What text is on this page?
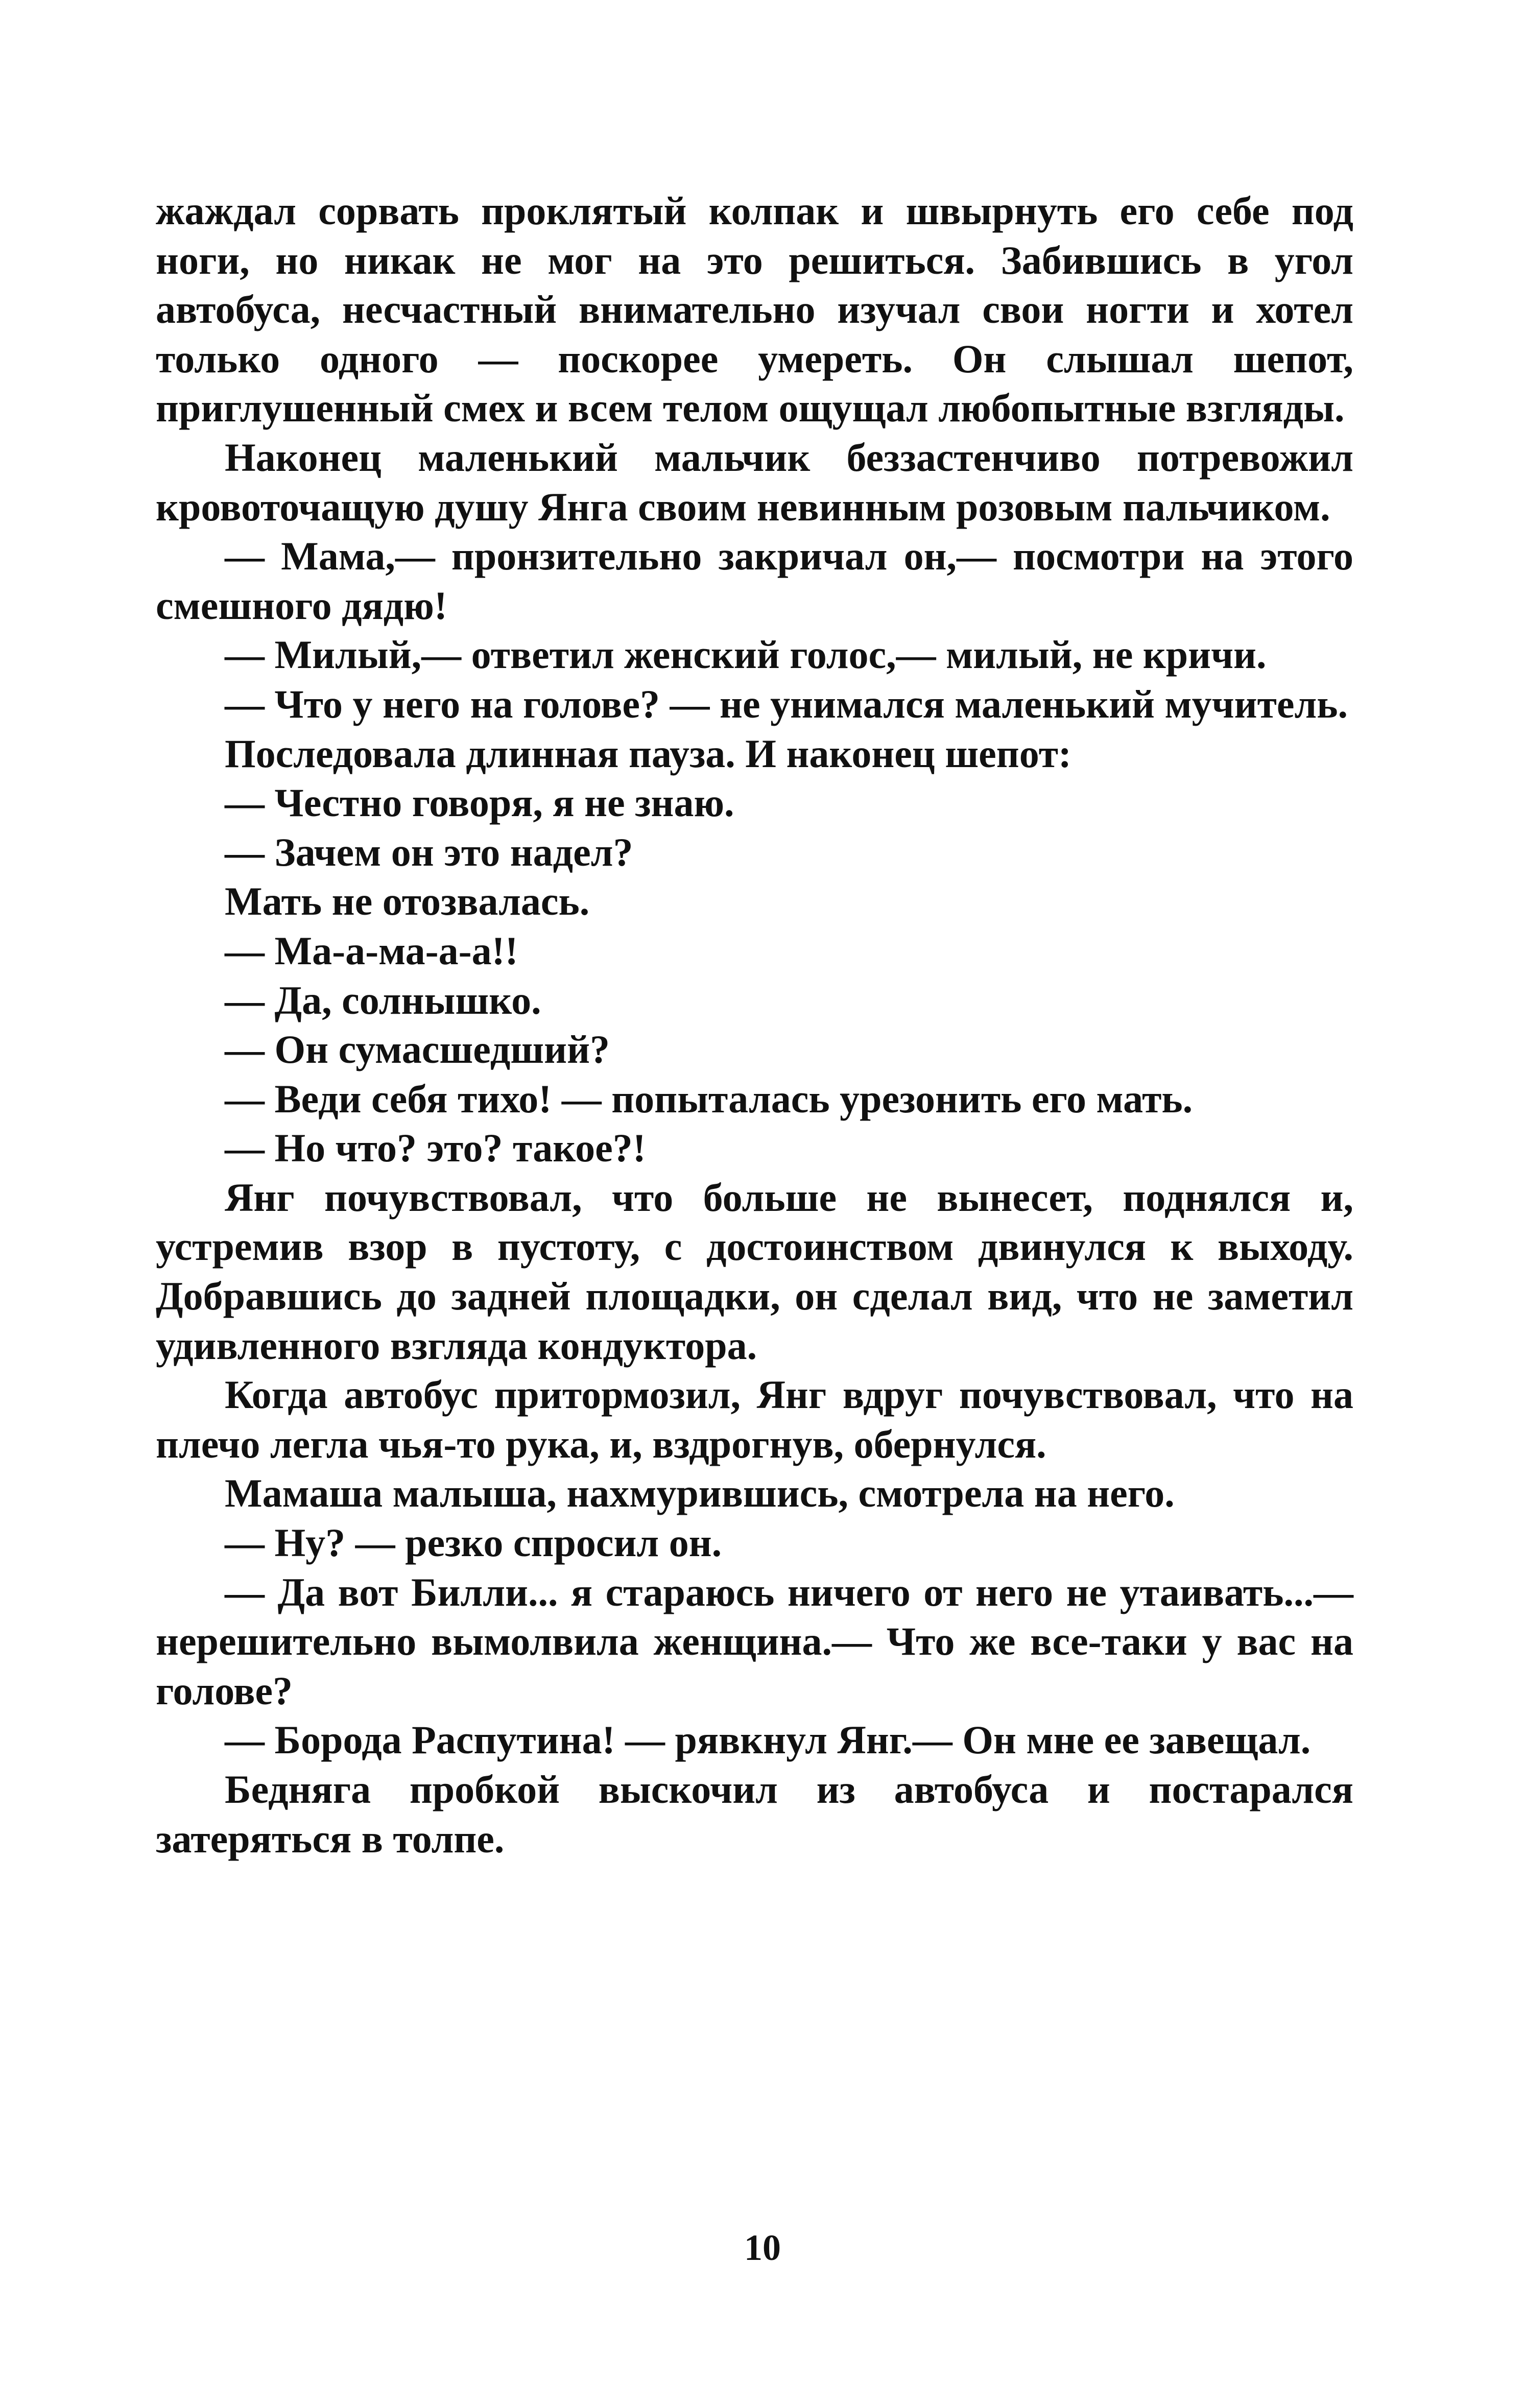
жаждал сорвать проклятый колпак и швырнуть его себе под ноги, но никак не мог на это решиться. Забившись в угол автобуса, несчастный внимательно изучал свои ногти и хотел только одного — поскорее умереть. Он слышал шепот, приглушенный смех и всем телом ощущал любопытные взгляды.

Наконец маленький мальчик беззастенчиво потревожил кровоточащую душу Янга своим невинным розовым пальчиком.

— Мама,— пронзительно закричал он,— посмотри на этого смешного дядю!

— Милый,— ответил женский голос,— милый, не кричи.

— Что у него на голове? — не унимался маленький мучитель.

Последовала длинная пауза. И наконец шепот:

— Честно говоря, я не знаю.

— Зачем он это надел?

Мать не отозвалась.

— Ма-а-ма-а-а!!

— Да, солнышко.

— Он сумасшедший?

— Веди себя тихо! — попыталась урезонить его мать.

— Но что? это? такое?!

Янг почувствовал, что больше не вынесет, поднялся и, устремив взор в пустоту, с достоинством двинулся к выходу. Добравшись до задней площадки, он сделал вид, что не заметил удивленного взгляда кондуктора.

Когда автобус притормозил, Янг вдруг почувствовал, что на плечо легла чья-то рука, и, вздрогнув, обернулся.

Мамаша малыша, нахмурившись, смотрела на него.

— Ну? — резко спросил он.

— Да вот Билли... я стараюсь ничего от него не утаивать...— нерешительно вымолвила женщина.— Что же все-таки у вас на голове?

— Борода Распутина! — рявкнул Янг.— Он мне ее завещал.

Бедняга пробкой выскочил из автобуса и постарался затеряться в толпе.

10
